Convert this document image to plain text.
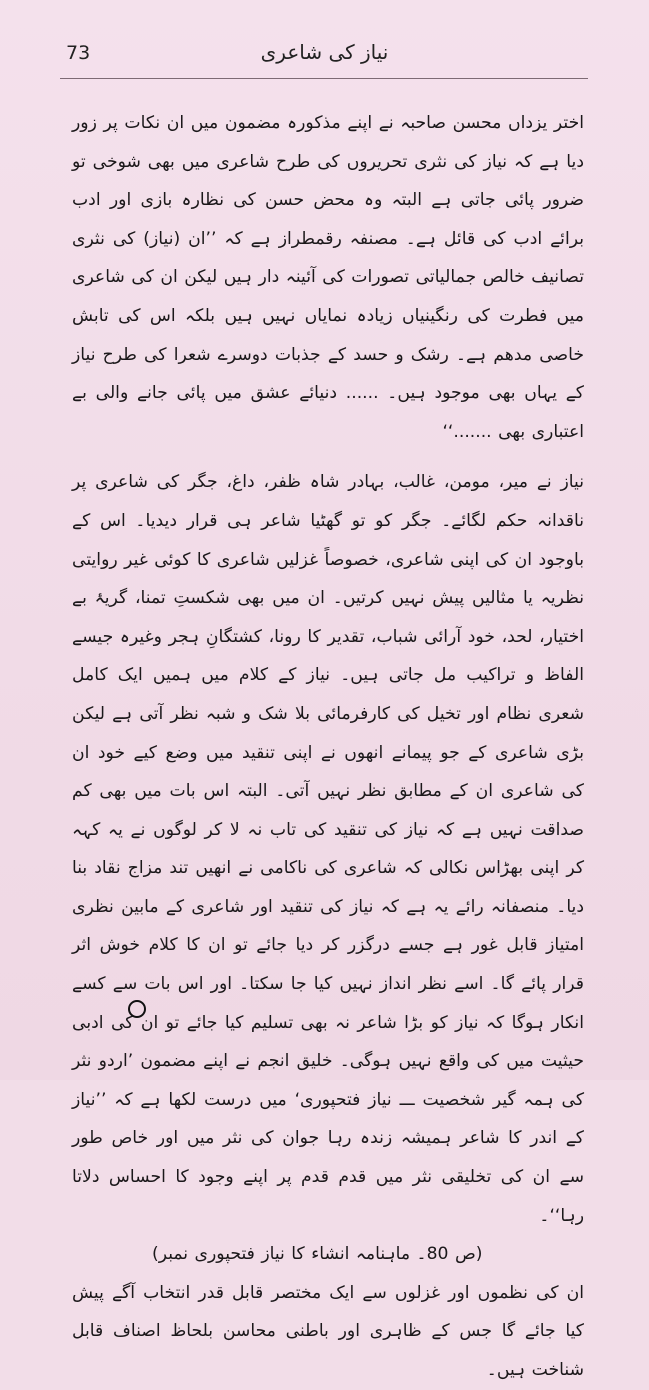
73	نیاز کی شاعری

اختر یزداں محسن صاحبہ نے اپنے مذکورہ مضمون میں ان نکات پر زور دیا ہے کہ نیاز کی نثری تحریروں کی طرح شاعری میں بھی شوخی تو ضرور پائی جاتی ہے البتہ وہ محض حسن کی نظارہ بازی اور ادب برائے ادب کی قائل ہے۔ مصنفہ رقمطراز ہے کہ ’’ان (نیاز) کی نثری تصانیف خالص جمالیاتی تصورات کی آئینہ دار ہیں لیکن ان کی شاعری میں فطرت کی رنگینیاں زیادہ نمایاں نہیں ہیں بلکہ اس کی تابش خاصی مدھم ہے۔ رشک و حسد کے جذبات دوسرے شعرا کی طرح نیاز کے یہاں بھی موجود ہیں۔ ...... دنیائے عشق میں پائی جانے والی بے اعتباری بھی .......‘‘

نیاز نے میر، مومن، غالب، بہادر شاہ ظفر، داغ، جگر کی شاعری پر ناقدانہ حکم لگائے۔ جگر کو تو گھٹیا شاعر ہی قرار دیدیا۔ اس کے باوجود ان کی اپنی شاعری، خصوصاً غزلیں شاعری کا کوئی غیر روایتی نظریہ یا مثالیں پیش نہیں کرتیں۔ ان میں بھی شکستِ تمنا، گریۂ بے اختیار، لحد، خود آرائی شباب، تقدیر کا رونا، کشتگانِ ہجر وغیرہ جیسے الفاظ و تراکیب مل جاتی ہیں۔ نیاز کے کلام میں ہمیں ایک کامل شعری نظام اور تخیل کی کارفرمائی بلا شک و شبہ نظر آتی ہے لیکن بڑی شاعری کے جو پیمانے انھوں نے اپنی تنقید میں وضع کیے خود ان کی شاعری ان کے مطابق نظر نہیں آتی۔ البتہ اس بات میں بھی کم صداقت نہیں ہے کہ نیاز کی تنقید کی تاب نہ لا کر لوگوں نے یہ کہہ کر اپنی بھڑاس نکالی کہ شاعری کی ناکامی نے انھیں تند مزاج نقاد بنا دیا۔ منصفانہ رائے یہ ہے کہ نیاز کی تنقید اور شاعری کے مابین نظری امتیاز قابل غور ہے جسے درگزر کر دیا جائے تو ان کا کلام خوش اثر قرار پائے گا۔ اسے نظر انداز نہیں کیا جا سکتا۔ اور اس بات سے کسے انکار ہوگا کہ نیاز کو بڑا شاعر نہ بھی تسلیم کیا جائے تو ان کی ادبی حیثیت میں کی واقع نہیں ہوگی۔ خلیق انجم نے اپنے مضمون ’اردو نثر کی ہمہ گیر شخصیت ـــ نیاز فتحپوری‘ میں درست لکھا ہے کہ ’’نیاز کے اندر کا شاعر ہمیشہ زندہ رہا جوان کی نثر میں اور خاص طور سے ان کی تخلیقی نثر میں قدم قدم پر اپنے وجود کا احساس دلاتا رہا‘‘۔

(ص 80۔ ماہنامہ انشاء کا نیاز فتحپوری نمبر)

ان کی نظموں اور غزلوں سے ایک مختصر قابل قدر انتخاب آگے پیش کیا جائے گا جس کے ظاہری اور باطنی محاسن بلحاظ اصناف قابل شناخت ہیں۔
